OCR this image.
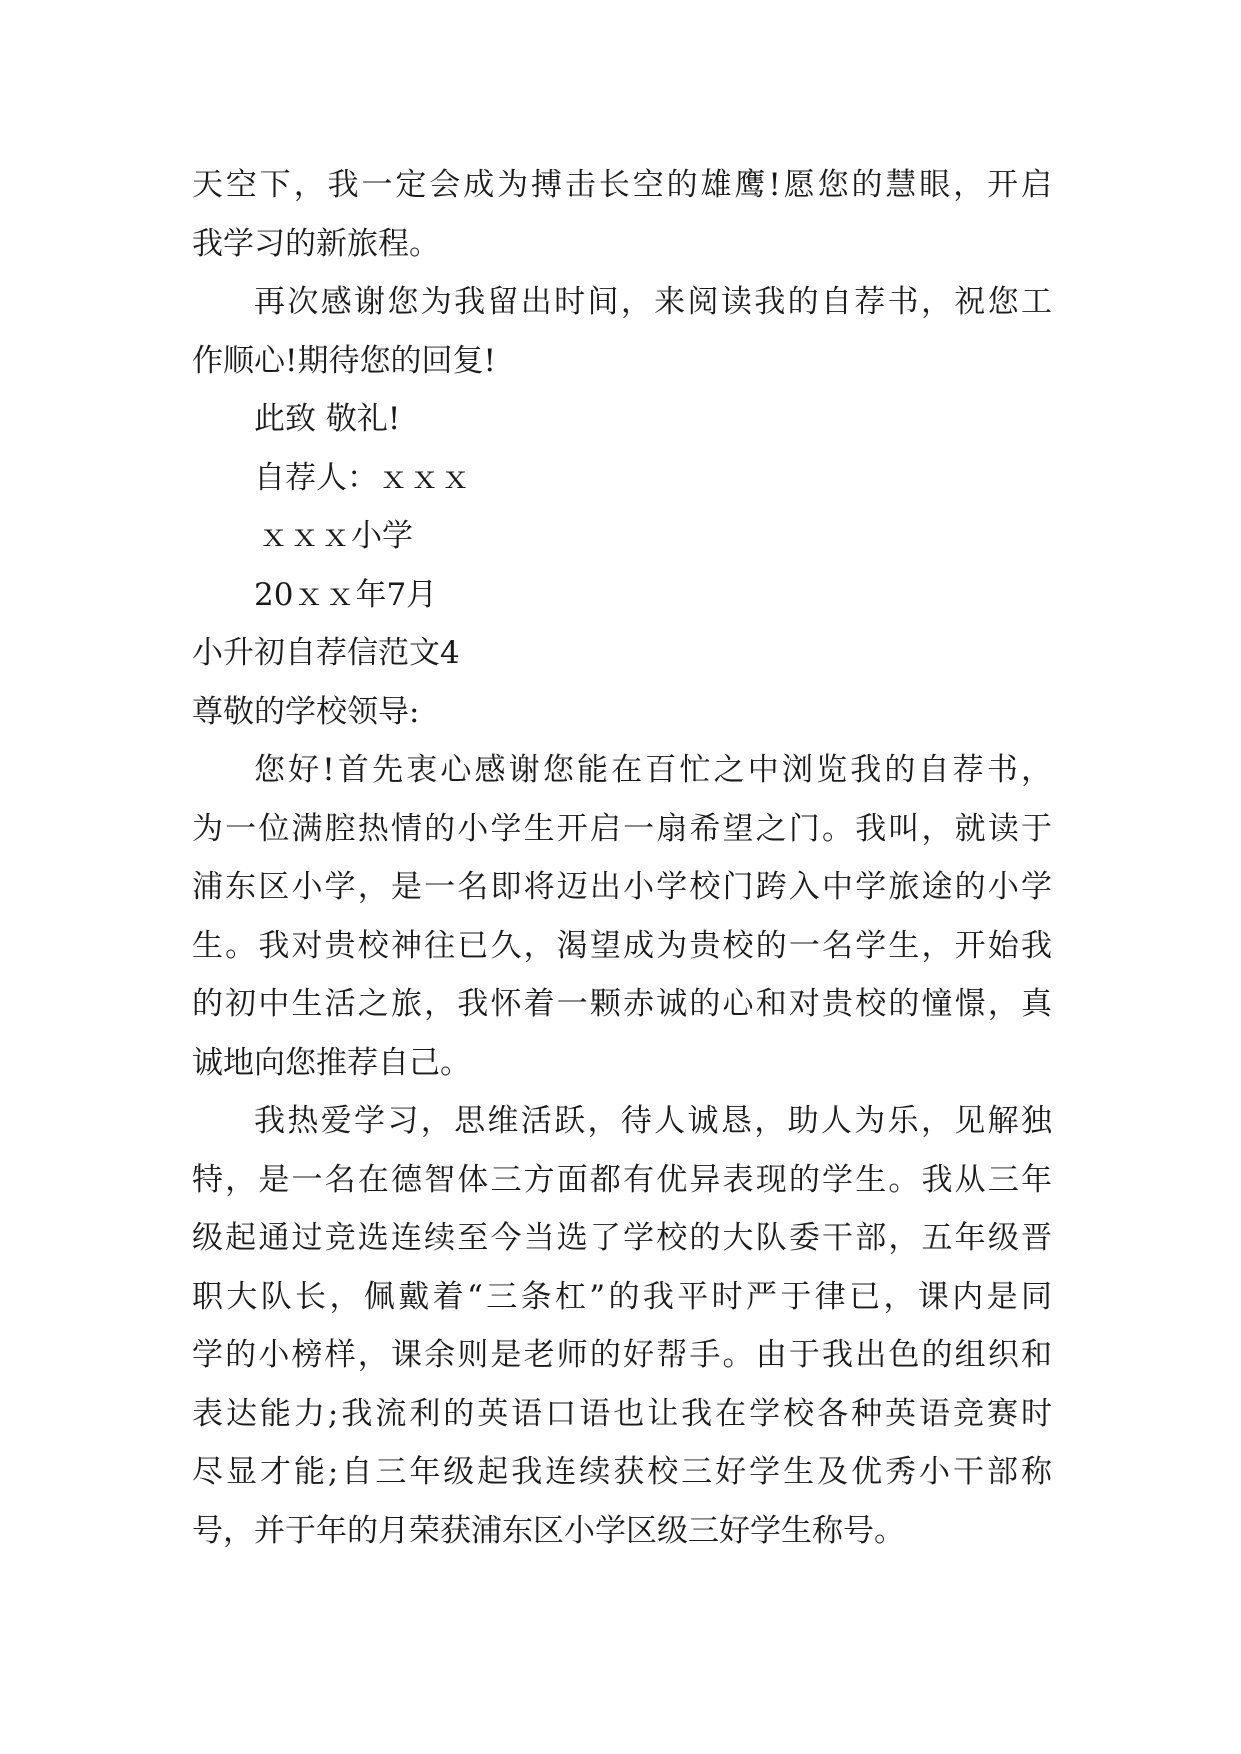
天空下，我一定会成为搏击长空的雄鹰!愿您的慧眼，开启
我学习的新旅程。
再次感谢您为我留出时间，来阅读我的自荐书，祝您工
作顺心!期待您的回复!
此致 敬礼!
自荐人：ｘｘｘ
ｘｘｘ小学
20ｘｘ年7月
小升初自荐信范文4
尊敬的学校领导:
您好!首先衷心感谢您能在百忙之中浏览我的自荐书，
为一位满腔热情的小学生开启一扇希望之门。我叫，就读于
浦东区小学，是一名即将迈出小学校门跨入中学旅途的小学
生。我对贵校神往已久，渴望成为贵校的一名学生，开始我
的初中生活之旅，我怀着一颗赤诚的心和对贵校的憧憬，真
诚地向您推荐自己。
我热爱学习，思维活跃，待人诚恳，助人为乐，见解独
特，是一名在德智体三方面都有优异表现的学生。我从三年
级起通过竞选连续至今当选了学校的大队委干部，五年级晋
职大队长，佩戴着“三条杠”的我平时严于律已，课内是同
学的小榜样，课余则是老师的好帮手。由于我出色的组织和
表达能力;我流利的英语口语也让我在学校各种英语竞赛时
尽显才能;自三年级起我连续获校三好学生及优秀小干部称
号，并于年的月荣获浦东区小学区级三好学生称号。
